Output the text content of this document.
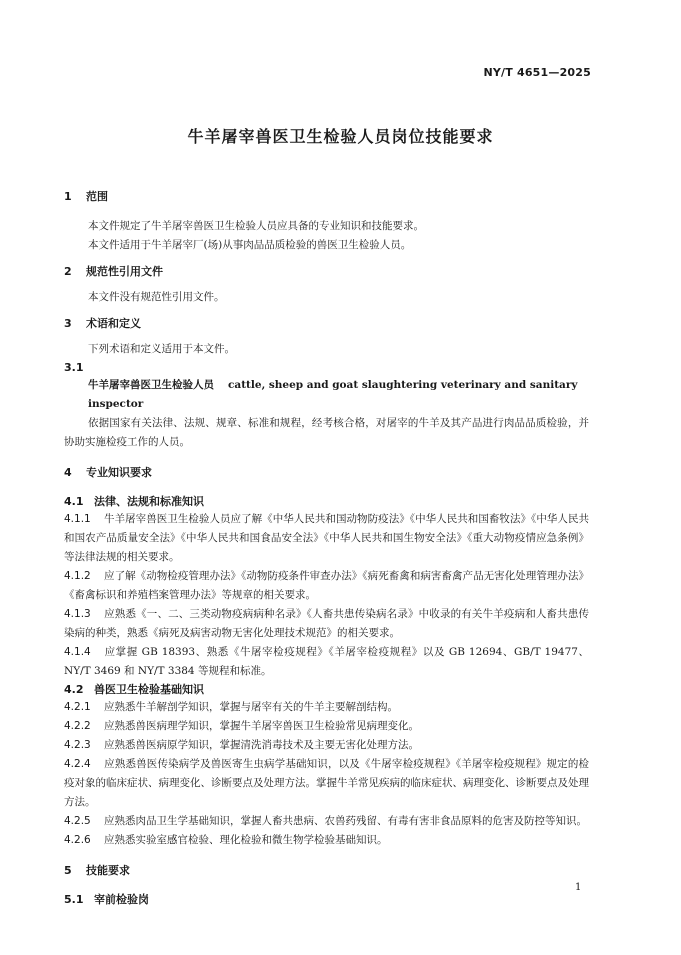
NY/T 4651—2025
牛羊屠宰兽医卫生检验人员岗位技能要求
1 范围
本文件规定了牛羊屠宰兽医卫生检验人员应具备的专业知识和技能要求。
本文件适用于牛羊屠宰厂(场)从事肉品品质检验的兽医卫生检验人员。
2 规范性引用文件
本文件没有规范性引用文件。
3 术语和定义
下列术语和定义适用于本文件。
3.1
牛羊屠宰兽医卫生检验人员 cattle, sheep and goat slaughtering veterinary and sanitary inspector
依据国家有关法律、法规、规章、标准和规程，经考核合格，对屠宰的牛羊及其产品进行肉品品质检验，并协助实施检疫工作的人员。
4 专业知识要求
4.1 法律、法规和标准知识
4.1.1 牛羊屠宰兽医卫生检验人员应了解《中华人民共和国动物防疫法》《中华人民共和国畜牧法》《中华人民共和国农产品质量安全法》《中华人民共和国食品安全法》《中华人民共和国生物安全法》《重大动物疫情应急条例》等法律法规的相关要求。
4.1.2 应了解《动物检疫管理办法》《动物防疫条件审查办法》《病死畜禽和病害畜禽产品无害化处理管理办法》《畜禽标识和养殖档案管理办法》等规章的相关要求。
4.1.3 应熟悉《一、二、三类动物疫病病种名录》《人畜共患传染病名录》中收录的有关牛羊疫病和人畜共患传染病的种类，熟悉《病死及病害动物无害化处理技术规范》的相关要求。
4.1.4 应掌握 GB 18393、熟悉《牛屠宰检疫规程》《羊屠宰检疫规程》以及 GB 12694、GB/T 19477、NY/T 3469 和 NY/T 3384 等规程和标准。
4.2 兽医卫生检验基础知识
4.2.1 应熟悉牛羊解剖学知识，掌握与屠宰有关的牛羊主要解剖结构。
4.2.2 应熟悉兽医病理学知识，掌握牛羊屠宰兽医卫生检验常见病理变化。
4.2.3 应熟悉兽医病原学知识，掌握清洗消毒技术及主要无害化处理方法。
4.2.4 应熟悉兽医传染病学及兽医寄生虫病学基础知识，以及《牛屠宰检疫规程》《羊屠宰检疫规程》规定的检疫对象的临床症状、病理变化、诊断要点及处理方法。掌握牛羊常见疾病的临床症状、病理变化、诊断要点及处理方法。
4.2.5 应熟悉肉品卫生学基础知识，掌握人畜共患病、农兽药残留、有毒有害非食品原料的危害及防控等知识。
4.2.6 应熟悉实验室感官检验、理化检验和微生物学检验基础知识。
5 技能要求
5.1 宰前检验岗
1
